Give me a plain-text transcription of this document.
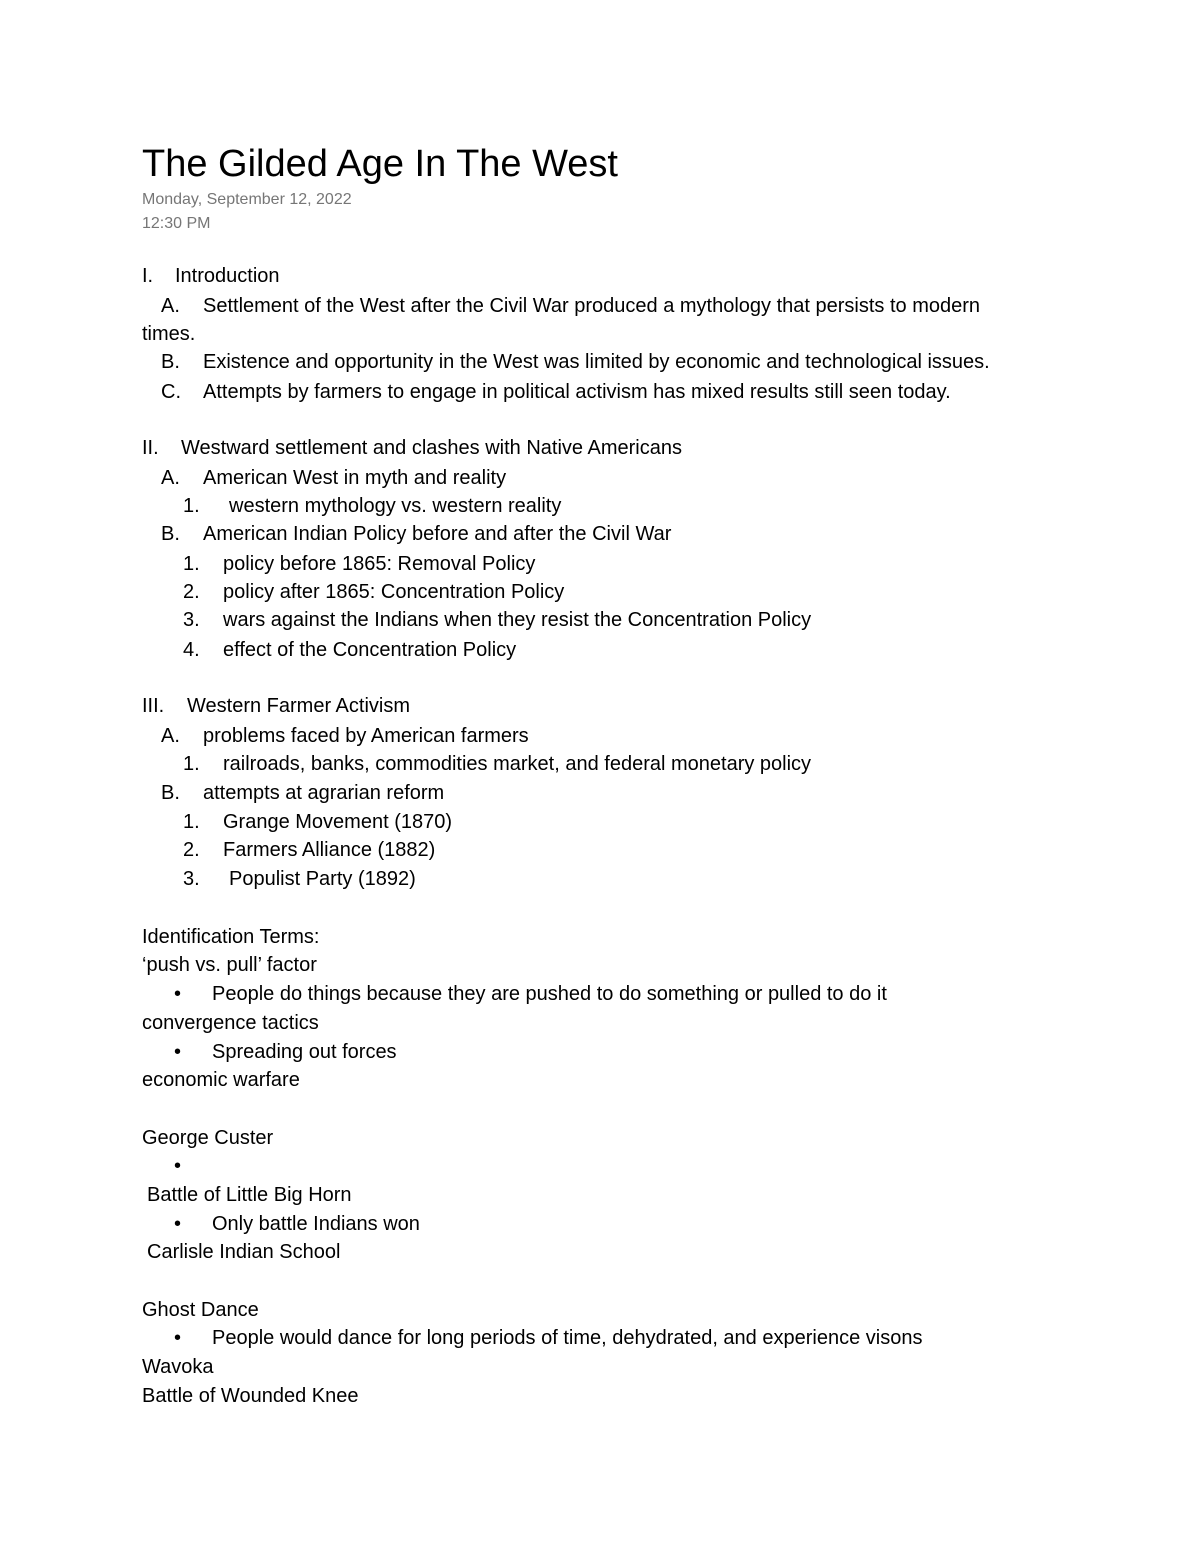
The Gilded Age In The West
Monday, September 12, 2022
12:30 PM
I. Introduction
A. Settlement of the West after the Civil War produced a mythology that persists to modern
times.
B. Existence and opportunity in the West was limited by economic and technological issues.
C. Attempts by farmers to engage in political activism has mixed results still seen today.
II. Westward settlement and clashes with Native Americans
A. American West in myth and reality
1. western mythology vs. western reality
B. American Indian Policy before and after the Civil War
1. policy before 1865: Removal Policy
2. policy after 1865: Concentration Policy
3. wars against the Indians when they resist the Concentration Policy
4. effect of the Concentration Policy
III. Western Farmer Activism
A. problems faced by American farmers
1. railroads, banks, commodities market, and federal monetary policy
B. attempts at agrarian reform
1. Grange Movement (1870)
2. Farmers Alliance (1882)
3. Populist Party (1892)
Identification Terms:
‘push vs. pull’ factor
• People do things because they are pushed to do something or pulled to do it
convergence tactics
• Spreading out forces
economic warfare
George Custer
•
Battle of Little Big Horn
• Only battle Indians won
Carlisle Indian School
Ghost Dance
• People would dance for long periods of time, dehydrated, and experience visons
Wavoka
Battle of Wounded Knee
